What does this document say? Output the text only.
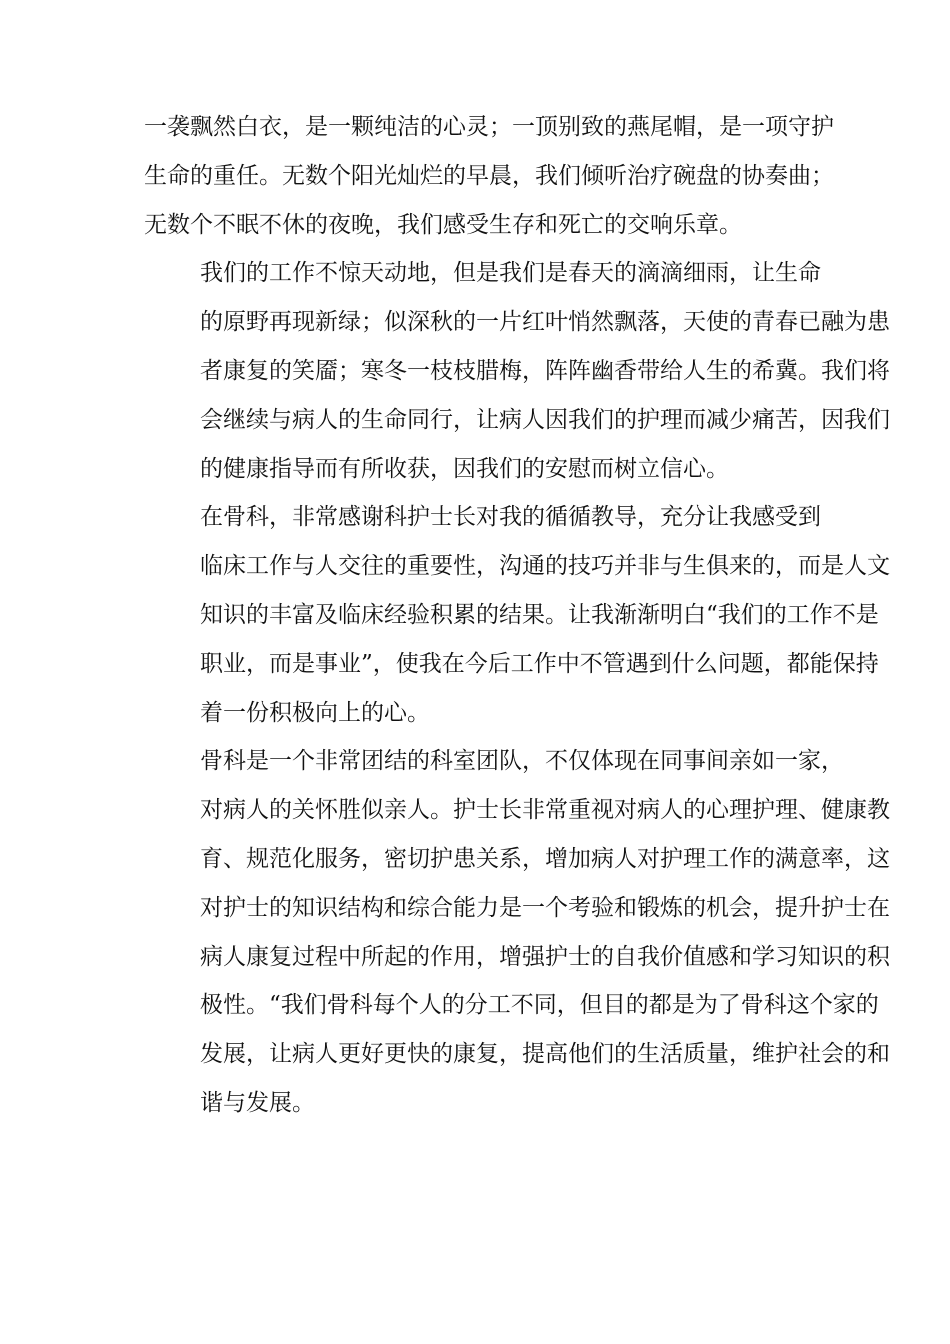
一袭飘然白衣，是一颗纯洁的心灵；一顶别致的燕尾帽，是一项守护
生命的重任。无数个阳光灿烂的早晨，我们倾听治疗碗盘的协奏曲；
无数个不眠不休的夜晚，我们感受生存和死亡的交响乐章。

我们的工作不惊天动地，但是我们是春天的滴滴细雨，让生命
的原野再现新绿；似深秋的一片红叶悄然飘落，天使的青春已融为患
者康复的笑靥；寒冬一枝枝腊梅，阵阵幽香带给人生的希冀。我们将
会继续与病人的生命同行，让病人因我们的护理而减少痛苦，因我们
的健康指导而有所收获，因我们的安慰而树立信心。

在骨科，非常感谢科护士长对我的循循教导，充分让我感受到
临床工作与人交往的重要性，沟通的技巧并非与生俱来的，而是人文
知识的丰富及临床经验积累的结果。让我渐渐明白“我们的工作不是
职业，而是事业”，使我在今后工作中不管遇到什么问题，都能保持
着一份积极向上的心。

骨科是一个非常团结的科室团队，不仅体现在同事间亲如一家，
对病人的关怀胜似亲人。护士长非常重视对病人的心理护理、健康教
育、规范化服务，密切护患关系，增加病人对护理工作的满意率，这
对护士的知识结构和综合能力是一个考验和锻炼的机会，提升护士在
病人康复过程中所起的作用，增强护士的自我价值感和学习知识的积
极性。“我们骨科每个人的分工不同，但目的都是为了骨科这个家的
发展，让病人更好更快的康复，提高他们的生活质量，维护社会的和
谐与发展。
